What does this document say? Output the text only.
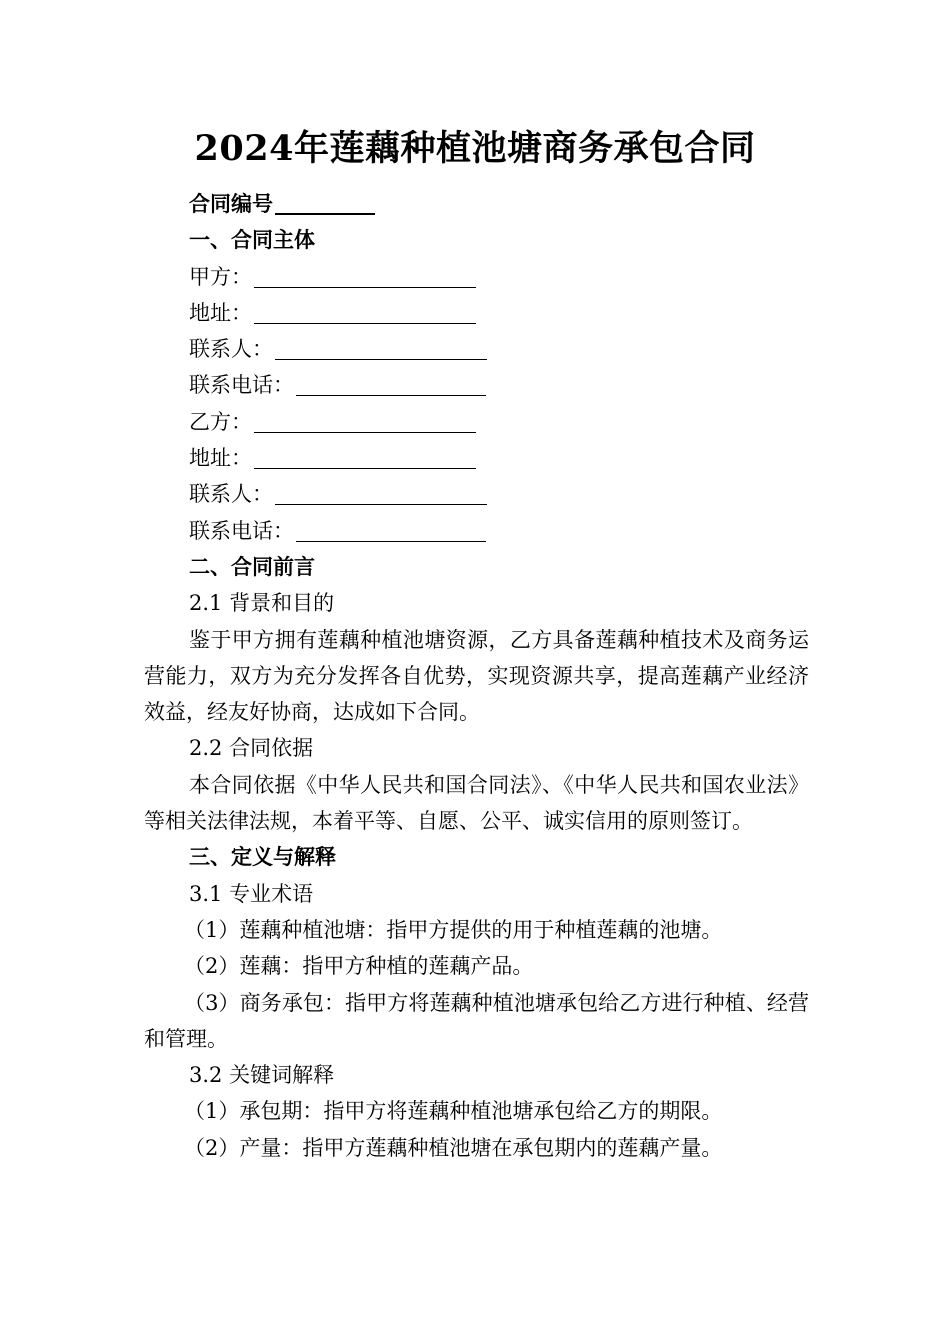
2024年莲藕种植池塘商务承包合同

合同编号

一、合同主体

甲方：

地址：

联系人：

联系电话：

乙方：

地址：

联系人：

联系电话：

二、合同前言

2.1 背景和目的

鉴于甲方拥有莲藕种植池塘资源，乙方具备莲藕种植技术及商务运营能力，双方为充分发挥各自优势，实现资源共享，提高莲藕产业经济效益，经友好协商，达成如下合同。

2.2 合同依据

本合同依据《中华人民共和国合同法》、《中华人民共和国农业法》等相关法律法规，本着平等、自愿、公平、诚实信用的原则签订。

三、定义与解释

3.1 专业术语

（1）莲藕种植池塘：指甲方提供的用于种植莲藕的池塘。

（2）莲藕：指甲方种植的莲藕产品。

（3）商务承包：指甲方将莲藕种植池塘承包给乙方进行种植、经营和管理。

3.2 关键词解释

（1）承包期：指甲方将莲藕种植池塘承包给乙方的期限。

（2）产量：指甲方莲藕种植池塘在承包期内的莲藕产量。
